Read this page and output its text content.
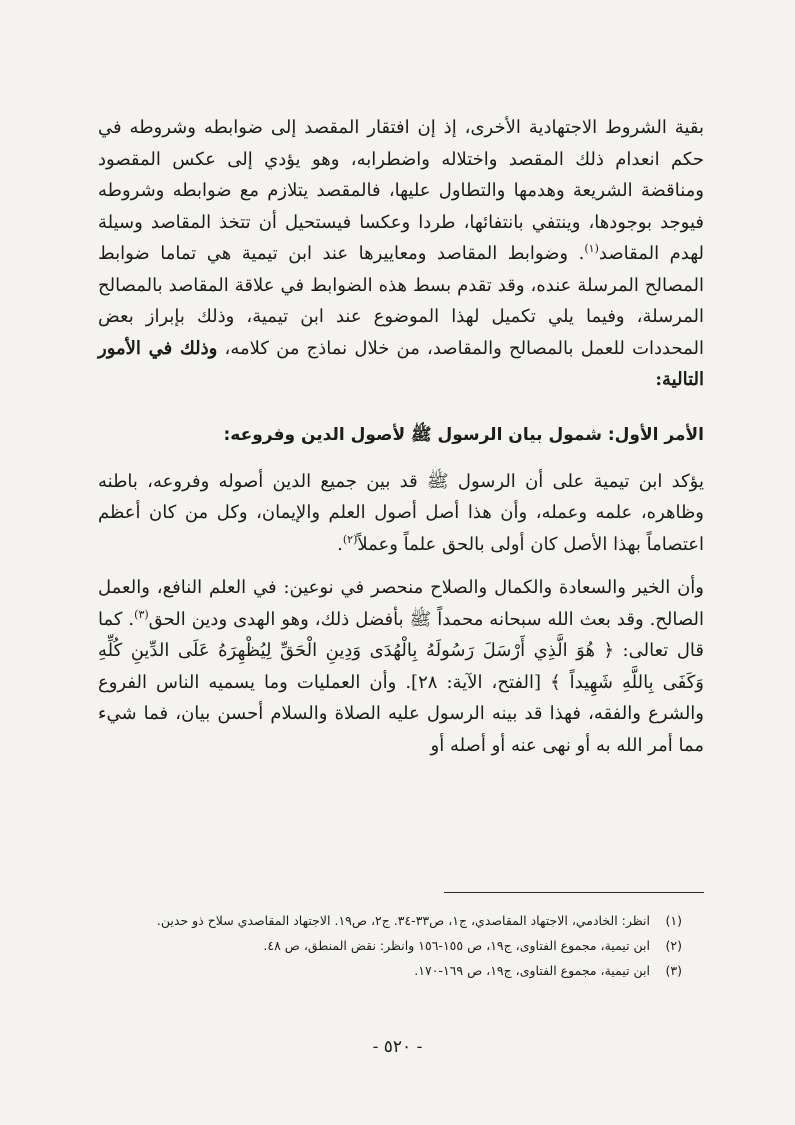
بقية الشروط الاجتهادية الأخرى، إذ إن افتقار المقصد إلى ضوابطه وشروطه في حكم انعدام ذلك المقصد واختلاله واضطرابه، وهو يؤدي إلى عكس المقصود ومناقضة الشريعة وهدمها والتطاول عليها، فالمقصد يتلازم مع ضوابطه وشروطه فيوجد بوجودها، وينتفي بانتفائها، طردا وعكسا فيستحيل أن تتخذ المقاصد وسيلة لهدم المقاصد$^{(١)}$. وضوابط المقاصد ومعاييرها عند ابن تيمية هي تماما ضوابط المصالح المرسلة عنده، وقد تقدم بسط هذه الضوابط في علاقة المقاصد بالمصالح المرسلة، وفيما يلي تكميل لهذا الموضوع عند ابن تيمية، وذلك بإبراز بعض المحددات للعمل بالمصالح والمقاصد، من خلال نماذج من كلامه، وذلك في الأمور التالية:

الأمر الأول: شمول بيان الرسول ﷺ لأصول الدين وفروعه:

يؤكد ابن تيمية على أن الرسول ﷺ قد بين جميع الدين أصوله وفروعه، باطنه وظاهره، علمه وعمله، وأن هذا أصل أصول العلم والإيمان، وكل من كان أعظم اعتصاماً بهذا الأصل كان أولى بالحق علماً وعملاً$^{(٢)}$.

وأن الخير والسعادة والكمال والصلاح منحصر في نوعين: في العلم النافع، والعمل الصالح. وقد بعث الله سبحانه محمداً ﷺ بأفضل ذلك، وهو الهدى ودين الحق$^{(٣)}$. كما قال تعالى: ﴿ هُوَ الَّذِي أَرْسَلَ رَسُولَهُ بِالْهُدَى وَدِينِ الْحَقِّ لِيُظْهِرَهُ عَلَى الدِّينِ كُلِّهِ وَكَفَى بِاللَّهِ شَهِيداً ﴾ [الفتح، الآية: ٢٨]. وأن العمليات وما يسميه الناس الفروع والشرع والفقه، فهذا قد بينه الرسول عليه الصلاة والسلام أحسن بيان، فما شيء مما أمر الله به أو نهى عنه أو أصله أو

(١)
انظر: الخادمي، الاجتهاد المقاصدي، ج١، ص٣٣-٣٤. ج٢، ص١٩. الاجتهاد المقاصدي سلاح ذو حدين.
(٢)
ابن تيمية، مجموع الفتاوى، ج١٩، ص ١٥٥-١٥٦ وانظر: نقض المنطق، ص ٤٨.
(٣)
ابن تيمية، مجموع الفتاوى، ج١٩، ص ١٦٩-١٧٠.
- ٥٢٠ -
